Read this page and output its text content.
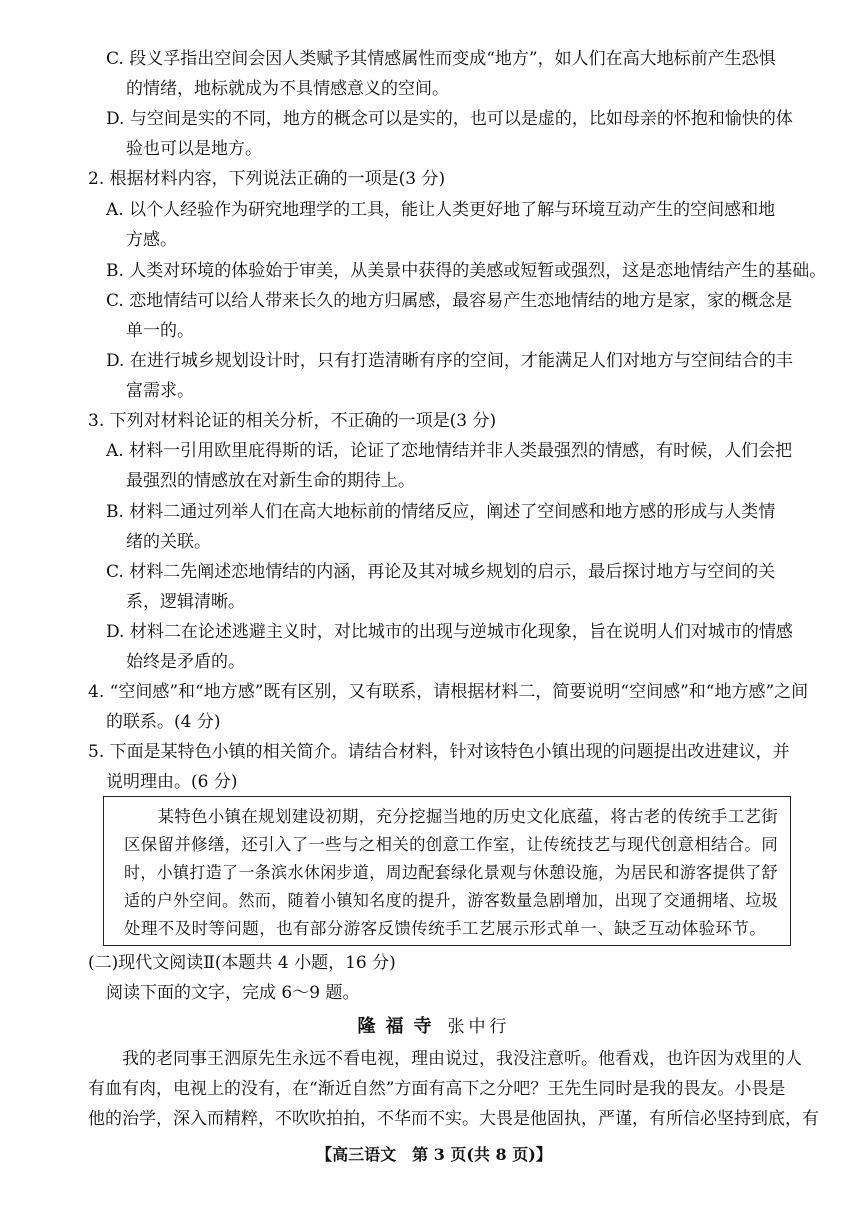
C. 段义孚指出空间会因人类赋予其情感属性而变成“地方”，如人们在高大地标前产生恐惧
的情绪，地标就成为不具情感意义的空间。
D. 与空间是实的不同，地方的概念可以是实的，也可以是虚的，比如母亲的怀抱和愉快的体
验也可以是地方。
2. 根据材料内容，下列说法正确的一项是(3 分)
A. 以个人经验作为研究地理学的工具，能让人类更好地了解与环境互动产生的空间感和地
方感。
B. 人类对环境的体验始于审美，从美景中获得的美感或短暂或强烈，这是恋地情结产生的基础。
C. 恋地情结可以给人带来长久的地方归属感，最容易产生恋地情结的地方是家，家的概念是
单一的。
D. 在进行城乡规划设计时，只有打造清晰有序的空间，才能满足人们对地方与空间结合的丰
富需求。
3. 下列对材料论证的相关分析，不正确的一项是(3 分)
A. 材料一引用欧里庇得斯的话，论证了恋地情结并非人类最强烈的情感，有时候，人们会把
最强烈的情感放在对新生命的期待上。
B. 材料二通过列举人们在高大地标前的情绪反应，阐述了空间感和地方感的形成与人类情
绪的关联。
C. 材料二先阐述恋地情结的内涵，再论及其对城乡规划的启示，最后探讨地方与空间的关
系，逻辑清晰。
D. 材料二在论述逃避主义时，对比城市的出现与逆城市化现象，旨在说明人们对城市的情感
始终是矛盾的。
4. “空间感”和“地方感”既有区别，又有联系，请根据材料二，简要说明“空间感”和“地方感”之间
的联系。(4 分)
5. 下面是某特色小镇的相关简介。请结合材料，针对该特色小镇出现的问题提出改进建议，并
说明理由。(6 分)
　　某特色小镇在规划建设初期，充分挖掘当地的历史文化底蕴，将古老的传统手工艺街
区保留并修缮，还引入了一些与之相关的创意工作室，让传统技艺与现代创意相结合。同
时，小镇打造了一条滨水休闲步道，周边配套绿化景观与休憩设施，为居民和游客提供了舒
适的户外空间。然而，随着小镇知名度的提升，游客数量急剧增加，出现了交通拥堵、垃圾
处理不及时等问题，也有部分游客反馈传统手工艺展示形式单一、缺乏互动体验环节。
(二)现代文阅读Ⅱ(本题共 4 小题，16 分)
阅读下面的文字，完成 6～9 题。
隆福寺 张中行
　　我的老同事王泗原先生永远不看电视，理由说过，我没注意听。他看戏，也许因为戏里的人
有血有肉，电视上的没有，在“渐近自然”方面有高下之分吧？王先生同时是我的畏友。小畏是
他的治学，深入而精粹，不吹吹拍拍，不华而不实。大畏是他固执，严谨，有所信必坚持到底，有
【高三语文　第 3 页(共 8 页)】
